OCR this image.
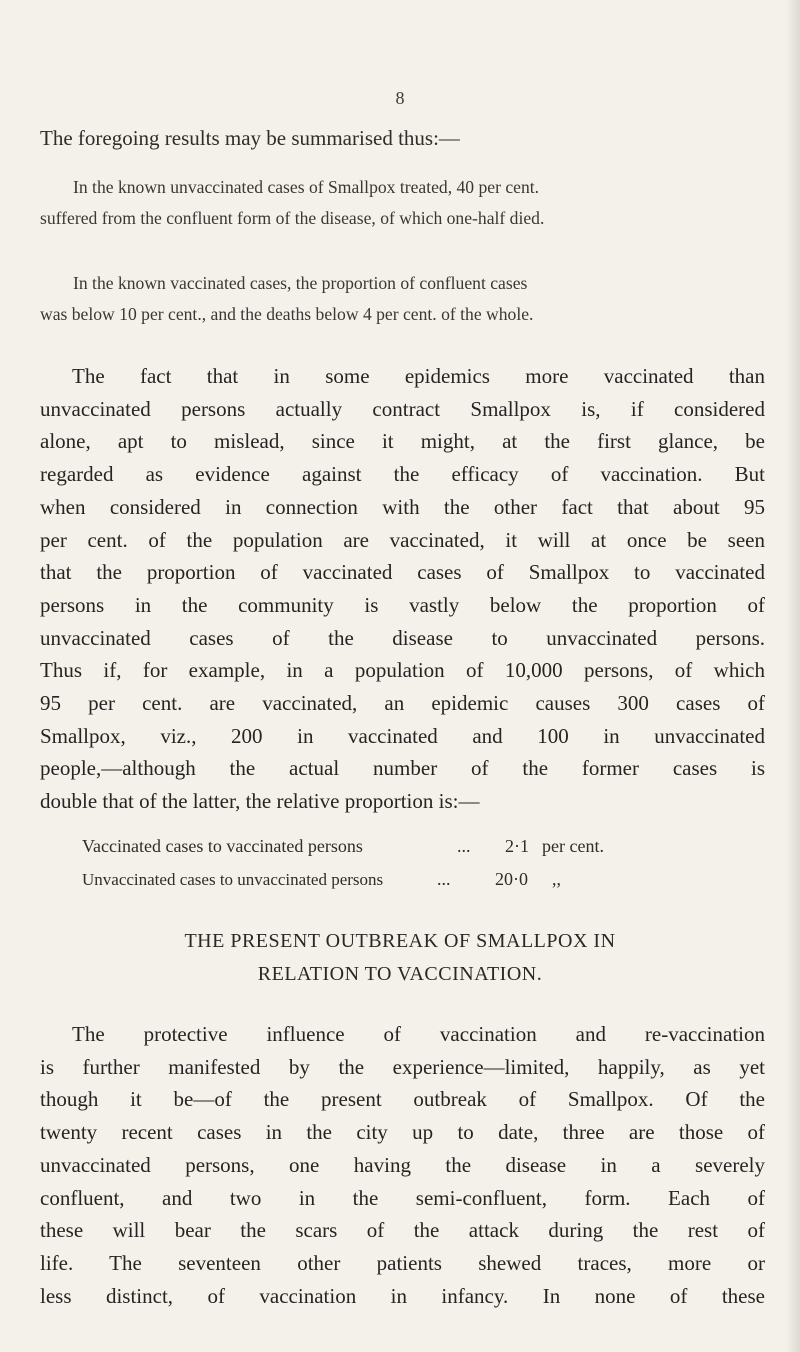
8
The foregoing results may be summarised thus:—
In the known unvaccinated cases of Smallpox treated, 40 per cent.
suffered from the confluent form of the disease, of which one-half died.
In the known vaccinated cases, the proportion of confluent cases
was below 10 per cent., and the deaths below 4 per cent. of the whole.
The fact that in some epidemics more vaccinated than
unvaccinated persons actually contract Smallpox is, if considered
alone, apt to mislead, since it might, at the first glance, be
regarded as evidence against the efficacy of vaccination. But
when considered in connection with the other fact that about 95
per cent. of the population are vaccinated, it will at once be seen
that the proportion of vaccinated cases of Smallpox to vaccinated
persons in the community is vastly below the proportion of
unvaccinated cases of the disease to unvaccinated persons.
Thus if, for example, in a population of 10,000 persons, of which
95 per cent. are vaccinated, an epidemic causes 300 cases of
Smallpox, viz., 200 in vaccinated and 100 in unvaccinated
people,—although the actual number of the former cases is
double that of the latter, the relative proportion is:—
Vaccinated cases to vaccinated persons	... 2·1 per cent.
Unvaccinated cases to unvaccinated persons	... 20·0 ,,
THE PRESENT OUTBREAK OF SMALLPOX IN
RELATION TO VACCINATION.
The protective influence of vaccination and re-vaccination
is further manifested by the experience—limited, happily, as yet
though it be—of the present outbreak of Smallpox. Of the
twenty recent cases in the city up to date, three are those of
unvaccinated persons, one having the disease in a severely
confluent, and two in the semi-confluent, form. Each of
these will bear the scars of the attack during the rest of
life. The seventeen other patients shewed traces, more or
less distinct, of vaccination in infancy. In none of these
